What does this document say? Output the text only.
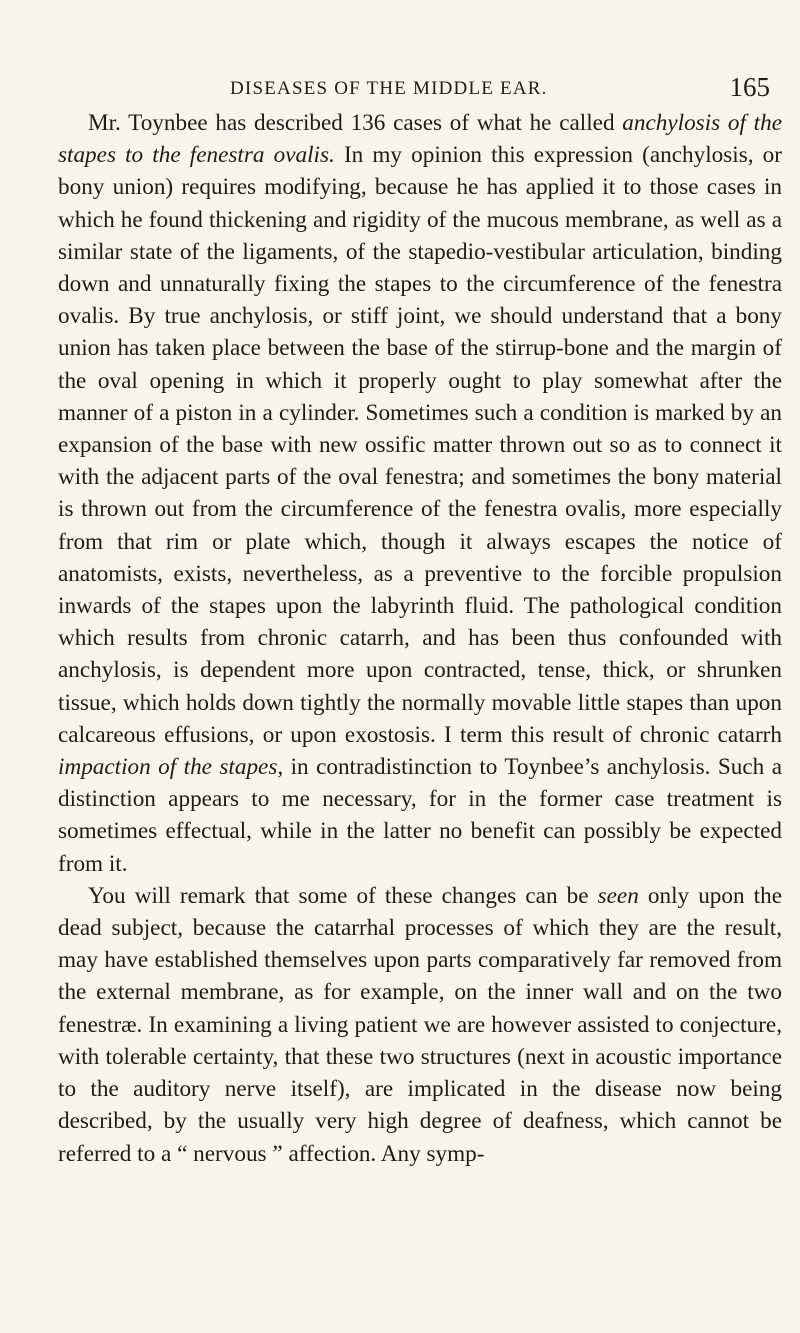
DISEASES OF THE MIDDLE EAR.	165

Mr. Toynbee has described 136 cases of what he called anchylosis of the stapes to the fenestra ovalis. In my opinion this expression (anchylosis, or bony union) requires modifying, because he has applied it to those cases in which he found thickening and rigidity of the mucous membrane, as well as a similar state of the ligaments, of the stapedio-vestibular articulation, binding down and unnaturally fixing the stapes to the circumference of the fenestra ovalis. By true anchylosis, or stiff joint, we should understand that a bony union has taken place between the base of the stirrup-bone and the margin of the oval opening in which it properly ought to play somewhat after the manner of a piston in a cylinder. Sometimes such a condition is marked by an expansion of the base with new ossific matter thrown out so as to connect it with the adjacent parts of the oval fenestra; and sometimes the bony material is thrown out from the circumference of the fenestra ovalis, more especially from that rim or plate which, though it always escapes the notice of anatomists, exists, nevertheless, as a preventive to the forcible propulsion inwards of the stapes upon the labyrinth fluid. The pathological condition which results from chronic catarrh, and has been thus confounded with anchylosis, is dependent more upon contracted, tense, thick, or shrunken tissue, which holds down tightly the normally movable little stapes than upon calcareous effusions, or upon exostosis. I term this result of chronic catarrh impaction of the stapes, in contradistinction to Toynbee’s anchylosis. Such a distinction appears to me necessary, for in the former case treatment is sometimes effectual, while in the latter no benefit can possibly be expected from it.

You will remark that some of these changes can be seen only upon the dead subject, because the catarrhal processes of which they are the result, may have established themselves upon parts comparatively far removed from the external membrane, as for example, on the inner wall and on the two fenestræ. In examining a living patient we are however assisted to conjecture, with tolerable certainty, that these two structures (next in acoustic importance to the auditory nerve itself), are implicated in the disease now being described, by the usually very high degree of deafness, which cannot be referred to a “ nervous ” affection. Any symp-
